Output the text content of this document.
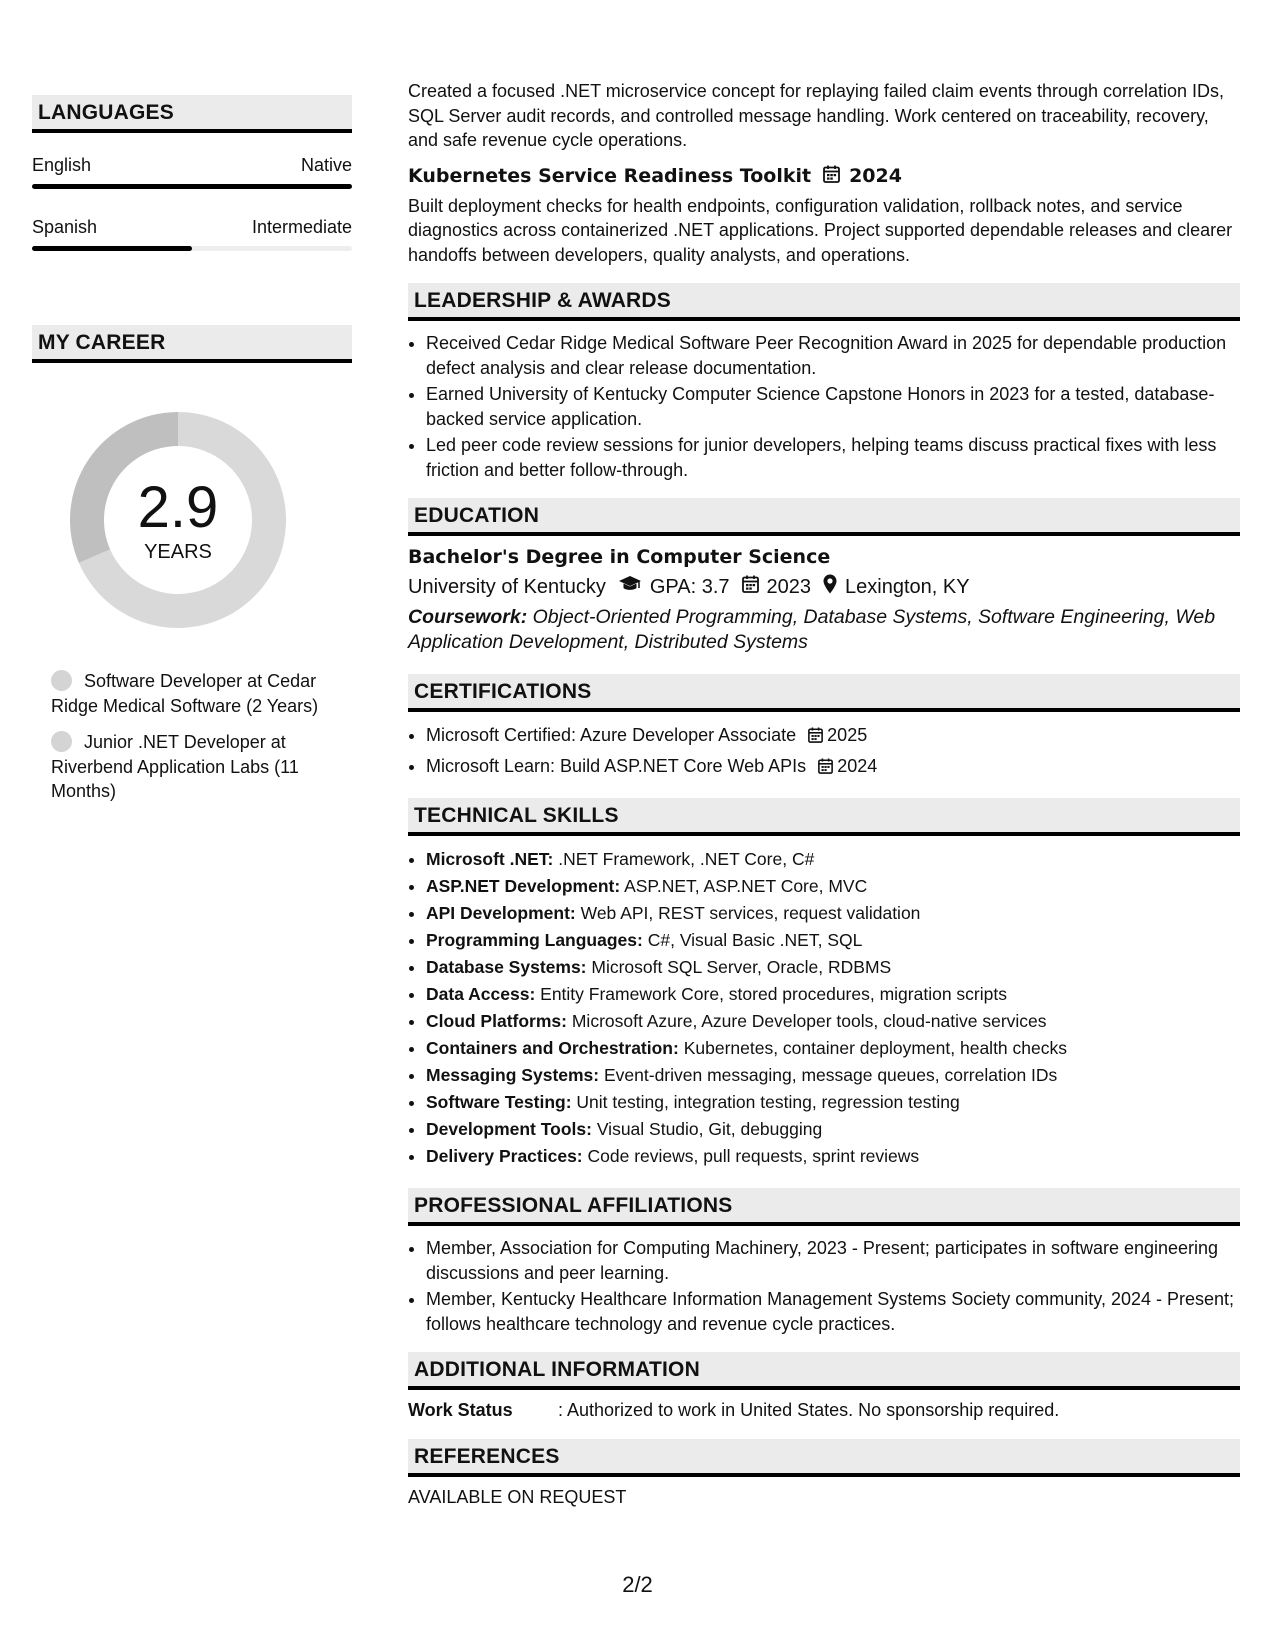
LANGUAGES
English	Native
Spanish	Intermediate
MY CAREER
2.9
YEARS
Software Developer at Cedar Ridge Medical Software (2 Years)
Junior .NET Developer at Riverbend Application Labs (11 Months)

Created a focused .NET microservice concept for replaying failed claim events through correlation IDs, SQL Server audit records, and controlled message handling. Work centered on traceability, recovery, and safe revenue cycle operations.

Kubernetes Service Readiness Toolkit 2024

Built deployment checks for health endpoints, configuration validation, rollback notes, and service diagnostics across containerized .NET applications. Project supported dependable releases and clearer handoffs between developers, quality analysts, and operations.

LEADERSHIP & AWARDS
• Received Cedar Ridge Medical Software Peer Recognition Award in 2025 for dependable production defect analysis and clear release documentation.
• Earned University of Kentucky Computer Science Capstone Honors in 2023 for a tested, database-backed service application.
• Led peer code review sessions for junior developers, helping teams discuss practical fixes with less friction and better follow-through.
EDUCATION
Bachelor's Degree in Computer Science
University of Kentucky GPA: 3.7 2023 Lexington, KY
Coursework: Object-Oriented Programming, Database Systems, Software Engineering, Web Application Development, Distributed Systems
CERTIFICATIONS
• Microsoft Certified: Azure Developer Associate 2025
• Microsoft Learn: Build ASP.NET Core Web APIs 2024
TECHNICAL SKILLS
• Microsoft .NET: .NET Framework, .NET Core, C#
• ASP.NET Development: ASP.NET, ASP.NET Core, MVC
• API Development: Web API, REST services, request validation
• Programming Languages: C#, Visual Basic .NET, SQL
• Database Systems: Microsoft SQL Server, Oracle, RDBMS
• Data Access: Entity Framework Core, stored procedures, migration scripts
• Cloud Platforms: Microsoft Azure, Azure Developer tools, cloud-native services
• Containers and Orchestration: Kubernetes, container deployment, health checks
• Messaging Systems: Event-driven messaging, message queues, correlation IDs
• Software Testing: Unit testing, integration testing, regression testing
• Development Tools: Visual Studio, Git, debugging
• Delivery Practices: Code reviews, pull requests, sprint reviews
PROFESSIONAL AFFILIATIONS
• Member, Association for Computing Machinery, 2023 - Present; participates in software engineering discussions and peer learning.
• Member, Kentucky Healthcare Information Management Systems Society community, 2024 - Present; follows healthcare technology and revenue cycle practices.
ADDITIONAL INFORMATION
Work Status	: Authorized to work in United States. No sponsorship required.
REFERENCES
AVAILABLE ON REQUEST
2/2
